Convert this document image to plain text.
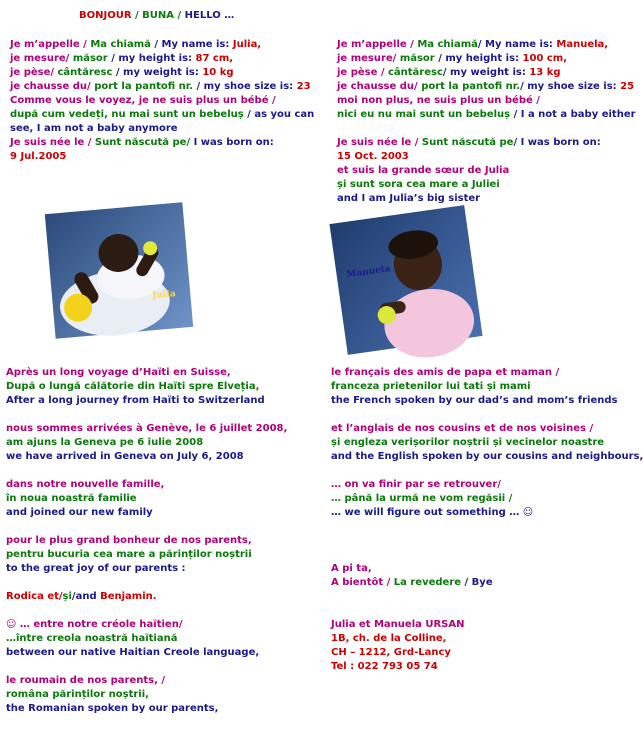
BONJOUR / BUNA / HELLO …
Je m’appelle / Ma chiamă / My name is: Julia,
je mesure/ măsor / my height is: 87 cm,
je pèse/ cântăresc / my weight is: 10 kg
je chausse du/ port la pantofi nr. / my shoe size is: 23
Comme vous le voyez, je ne suis plus un bébé /
după cum vedeți, nu mai sunt un bebeluș / as you can
see, I am not a baby anymore
Je suis née le / Sunt născută pe/ I was born on:
9 Jul.2005
Je m’appelle / Ma chiamă/ My name is: Manuela,
je mesure/ măsor / my height is: 100 cm,
je pèse / cântăresc/ my weight is: 13 kg
je chausse du/ port la pantofi nr./ my shoe size is: 25
moi non plus, ne suis plus un bébé /
nici eu nu mai sunt un bebeluș / I a not a baby either
Je suis née le / Sunt născută pe/ I was born on:
15 Oct. 2003
et suis la grande sœur de Julia
și sunt sora cea mare a Juliei
and I am Julia’s big sister
Julia
Manuela
Après un long voyage d’Haïti en Suisse,
După o lungă călătorie din Haïti spre Elveția,
After a long journey from Haïti to Switzerland
nous sommes arrivées à Genève, le 6 juillet 2008,
am ajuns la Geneva pe 6 iulie 2008
we have arrived in Geneva on July 6, 2008
dans notre nouvelle famille,
în noua noastră familie
and joined our new family
pour le plus grand bonheur de nos parents,
pentru bucuria cea mare a părinților noștrii
to the great joy of our parents :
Rodica et/și/and Benjamin.
☺ … entre notre créole haïtien/
…între creola noastră haïtiană
between our native Haitian Creole language,
le roumain de nos parents, /
româna părinților noștrii,
the Romanian spoken by our parents,
le français des amis de papa et maman /
franceza prietenilor lui tati și mami
the French spoken by our dad’s and mom’s friends
et l’anglais de nos cousins et de nos voisines /
și engleza verișorilor noștrii și vecinelor noastre
and the English spoken by our cousins and neighbours,
… on va finir par se retrouver/
… până la urmă ne vom regăsii /
… we will figure out something … ☺
A pi ta,
A bientôt / La revedere / Bye
Julia et Manuela URSAN
1B, ch. de la Colline,
CH – 1212, Grd-Lancy
Tel : 022 793 05 74
